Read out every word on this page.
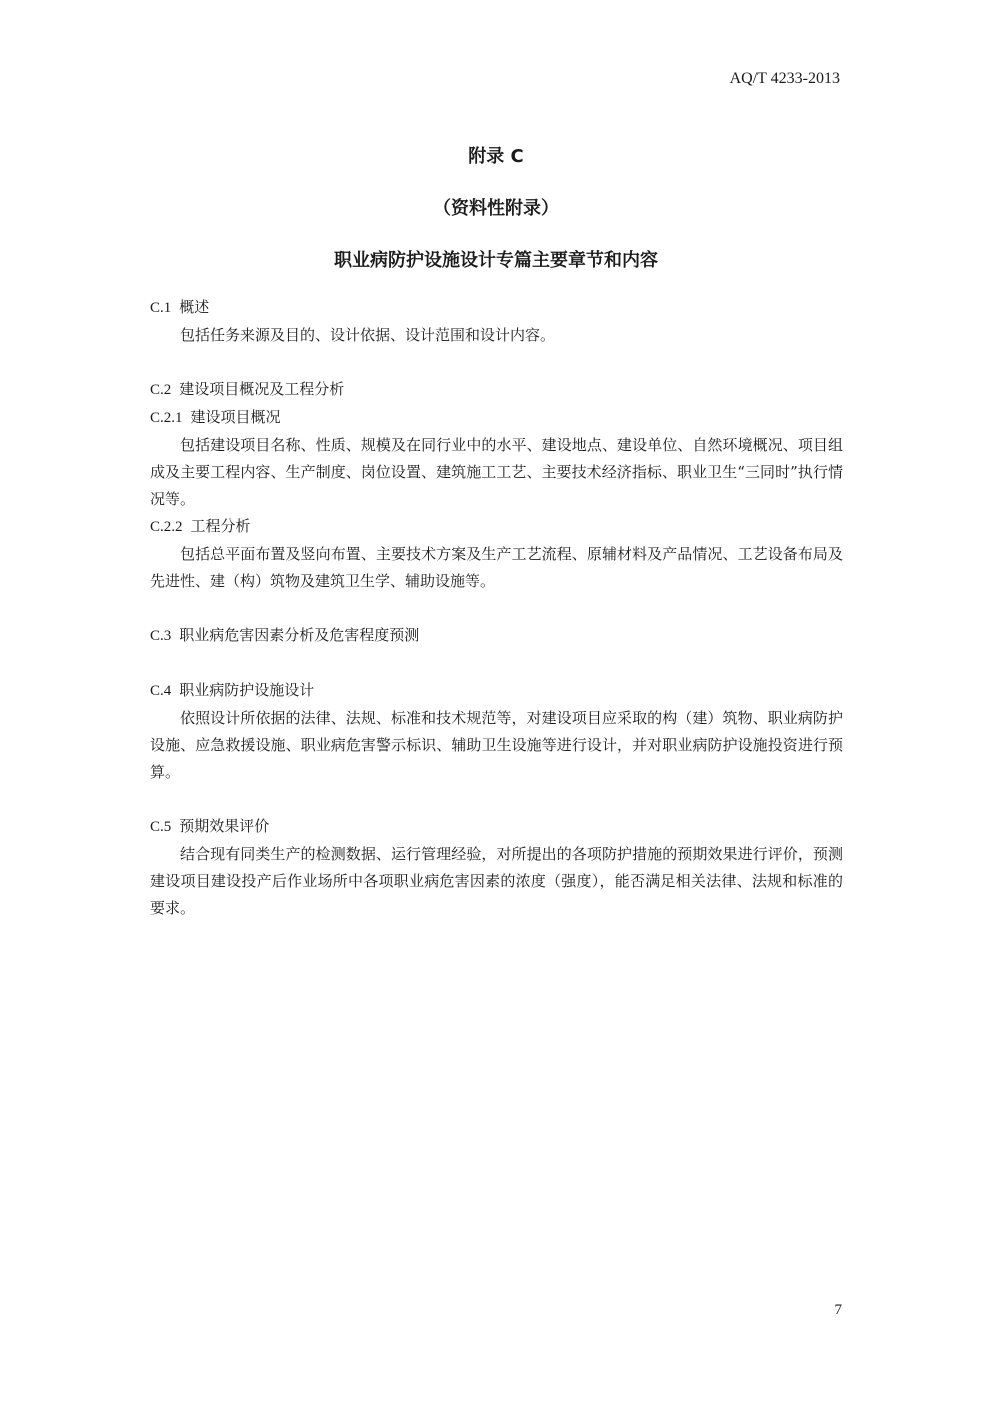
AQ/T 4233-2013
附录 C
（资料性附录）
职业病防护设施设计专篇主要章节和内容
C.1 概述

包括任务来源及目的、设计依据、设计范围和设计内容。

C.2 建设项目概况及工程分析
C.2.1 建设项目概况

包括建设项目名称、性质、规模及在同行业中的水平、建设地点、建设单位、自然环境概况、项目组成及主要工程内容、生产制度、岗位设置、建筑施工工艺、主要技术经济指标、职业卫生“三同时”执行情况等。

C.2.2 工程分析

包括总平面布置及竖向布置、主要技术方案及生产工艺流程、原辅材料及产品情况、工艺设备布局及先进性、建（构）筑物及建筑卫生学、辅助设施等。

C.3 职业病危害因素分析及危害程度预测
C.4 职业病防护设施设计

依照设计所依据的法律、法规、标准和技术规范等，对建设项目应采取的构（建）筑物、职业病防护设施、应急救援设施、职业病危害警示标识、辅助卫生设施等进行设计，并对职业病防护设施投资进行预算。

C.5 预期效果评价

结合现有同类生产的检测数据、运行管理经验，对所提出的各项防护措施的预期效果进行评价，预测建设项目建设投产后作业场所中各项职业病危害因素的浓度（强度），能否满足相关法律、法规和标准的要求。

7
